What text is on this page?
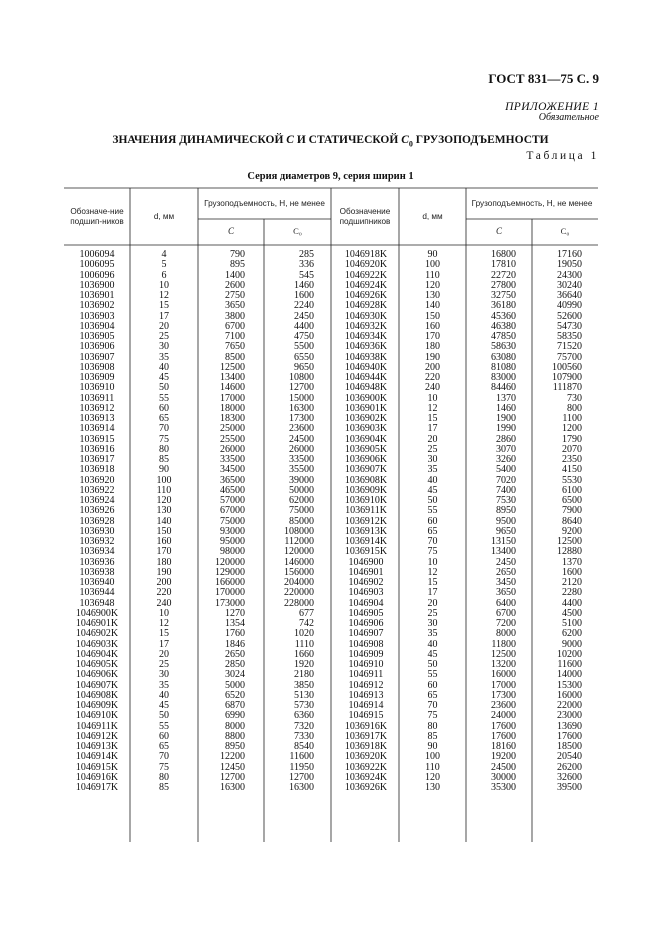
ГОСТ 831—75 С. 9
ПРИЛОЖЕНИЕ 1
Обязательное
ЗНАЧЕНИЯ ДИНАМИЧЕСКОЙ C И СТАТИЧЕСКОЙ $C_0$ ГРУЗОПОДЪЕМНОСТИ
Таблица 1
Серия диаметров 9, серия ширин 1
Обозначе-ние подшип-ников
d, мм
Грузоподъемность, Н, не менее
C	C₀
Обозначение подшипников
d, мм
Грузоподъемность, Н, не менее
C	C₀
1006094	4	790	285	1046918K	90	16800	17160
1006095	5	895	336	1046920K	100	17810	19050
1006096	6	1400	545	1046922K	110	22720	24300
1036900	10	2600	1460	1046924K	120	27800	30240
1036901	12	2750	1600	1046926K	130	32750	36640
1036902	15	3650	2240	1046928K	140	36180	40990
1036903	17	3800	2450	1046930K	150	45360	52600
1036904	20	6700	4400	1046932K	160	46380	54730
1036905	25	7100	4750	1046934K	170	47850	58350
1036906	30	7650	5500	1046936K	180	58630	71520
1036907	35	8500	6550	1046938K	190	63080	75700
1036908	40	12500	9650	1046940K	200	81080	100560
1036909	45	13400	10800	1046944K	220	83000	107900
1036910	50	14600	12700	1046948K	240	84460	111870
1036911	55	17000	15000	1036900K	10	1370	730
1036912	60	18000	16300	1036901K	12	1460	800
1036913	65	18300	17300	1036902K	15	1900	1100
1036914	70	25000	23600	1036903K	17	1990	1200
1036915	75	25500	24500	1036904K	20	2860	1790
1036916	80	26000	26000	1036905K	25	3070	2070
1036917	85	33500	33500	1036906K	30	3260	2350
1036918	90	34500	35500	1036907K	35	5400	4150
1036920	100	36500	39000	1036908K	40	7020	5530
1036922	110	46500	50000	1036909K	45	7400	6100
1036924	120	57000	62000	1036910K	50	7530	6500
1036926	130	67000	75000	1036911K	55	8950	7900
1036928	140	75000	85000	1036912K	60	9500	8640
1036930	150	93000	108000	1036913K	65	9650	9200
1036932	160	95000	112000	1036914K	70	13150	12500
1036934	170	98000	120000	1036915K	75	13400	12880
1036936	180	120000	146000	1046900	10	2450	1370
1036938	190	129000	156000	1046901	12	2650	1600
1036940	200	166000	204000	1046902	15	3450	2120
1036944	220	170000	220000	1046903	17	3650	2280
1036948	240	173000	228000	1046904	20	6400	4400
1046900K	10	1270	677	1046905	25	6700	4500
1046901K	12	1354	742	1046906	30	7200	5100
1046902K	15	1760	1020	1046907	35	8000	6200
1046903K	17	1846	1110	1046908	40	11800	9000
1046904K	20	2650	1660	1046909	45	12500	10200
1046905K	25	2850	1920	1046910	50	13200	11600
1046906K	30	3024	2180	1046911	55	16000	14000
1046907K	35	5000	3850	1046912	60	17000	15300
1046908K	40	6520	5130	1046913	65	17300	16000
1046909K	45	6870	5730	1046914	70	23600	22000
1046910K	50	6990	6360	1046915	75	24000	23000
1046911K	55	8000	7320	1036916K	80	17600	13690
1046912K	60	8800	7330	1036917K	85	17600	17600
1046913K	65	8950	8540	1036918K	90	18160	18500
1046914K	70	12200	11600	1036920K	100	19200	20540
1046915K	75	12450	11950	1036922K	110	24500	26200
1046916K	80	12700	12700	1036924K	120	30000	32600
1046917K	85	16300	16300	1036926K	130	35300	39500
